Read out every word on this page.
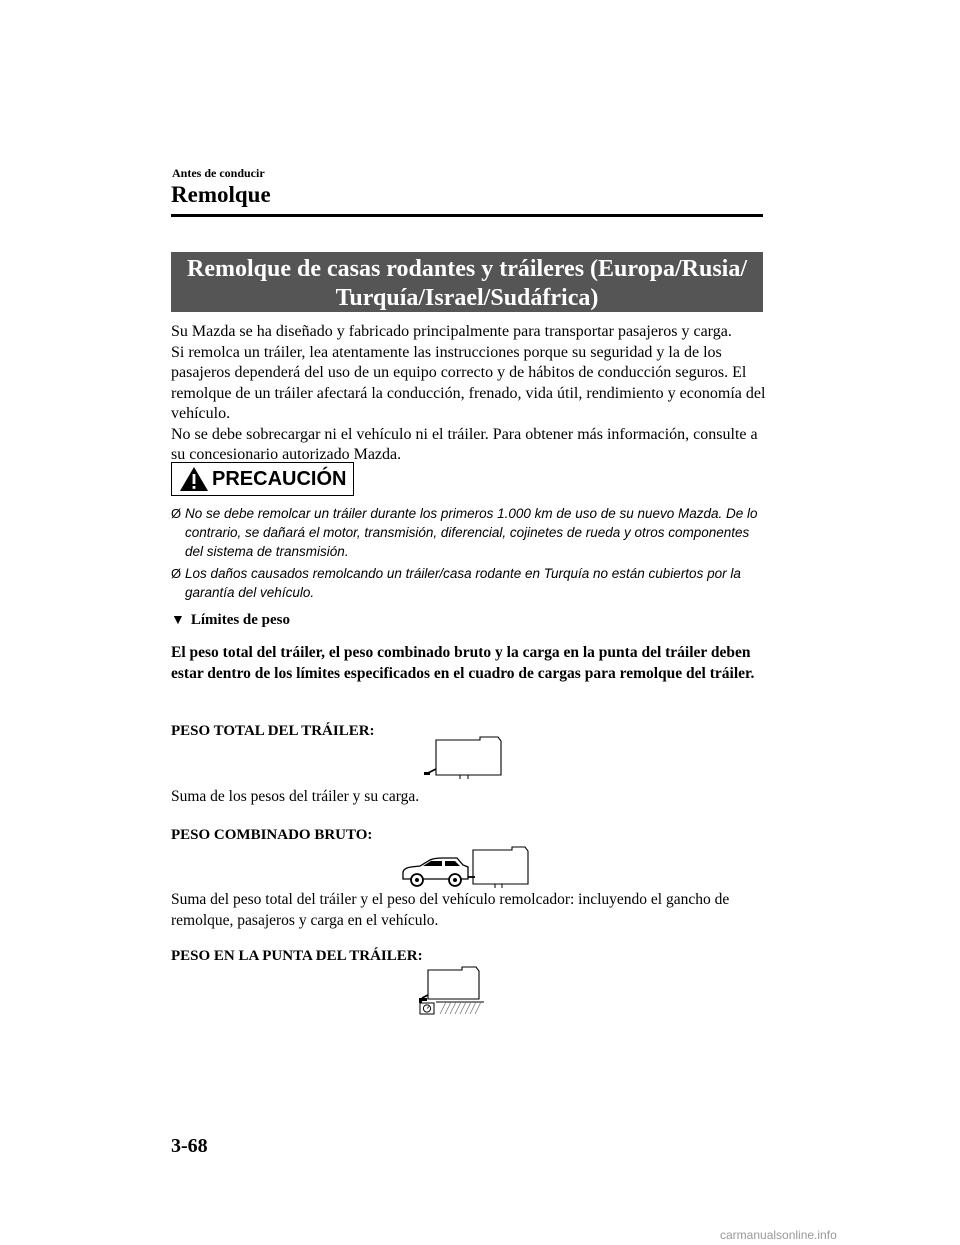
Antes de conducir
Remolque
Remolque de casas rodantes y tráileres (Europa/Rusia/
Turquía/Israel/Sudáfrica)

Su Mazda se ha diseñado y fabricado principalmente para transportar pasajeros y carga.

Si remolca un tráiler, lea atentamente las instrucciones porque su seguridad y la de los pasajeros dependerá del uso de un equipo correcto y de hábitos de conducción seguros. El remolque de un tráiler afectará la conducción, frenado, vida útil, rendimiento y economía del vehículo.

No se debe sobrecargar ni el vehículo ni el tráiler. Para obtener más información, consulte a su concesionario autorizado Mazda.

PRECAUCIÓN
Ø No se debe remolcar un tráiler durante los primeros 1.000 km de uso de su nuevo Mazda. De lo contrario, se dañará el motor, transmisión, diferencial, cojinetes de rueda y otros componentes del sistema de transmisión.
Ø Los daños causados remolcando un tráiler/casa rodante en Turquía no están cubiertos por la garantía del vehículo.
▼ Límites de peso
El peso total del tráiler, el peso combinado bruto y la carga en la punta del tráiler deben estar dentro de los límites especificados en el cuadro de cargas para remolque del tráiler.
PESO TOTAL DEL TRÁILER:
Suma de los pesos del tráiler y su carga.
PESO COMBINADO BRUTO:
Suma del peso total del tráiler y el peso del vehículo remolcador: incluyendo el gancho de remolque, pasajeros y carga en el vehículo.
PESO EN LA PUNTA DEL TRÁILER:
3-68
carmanualsonline.info
